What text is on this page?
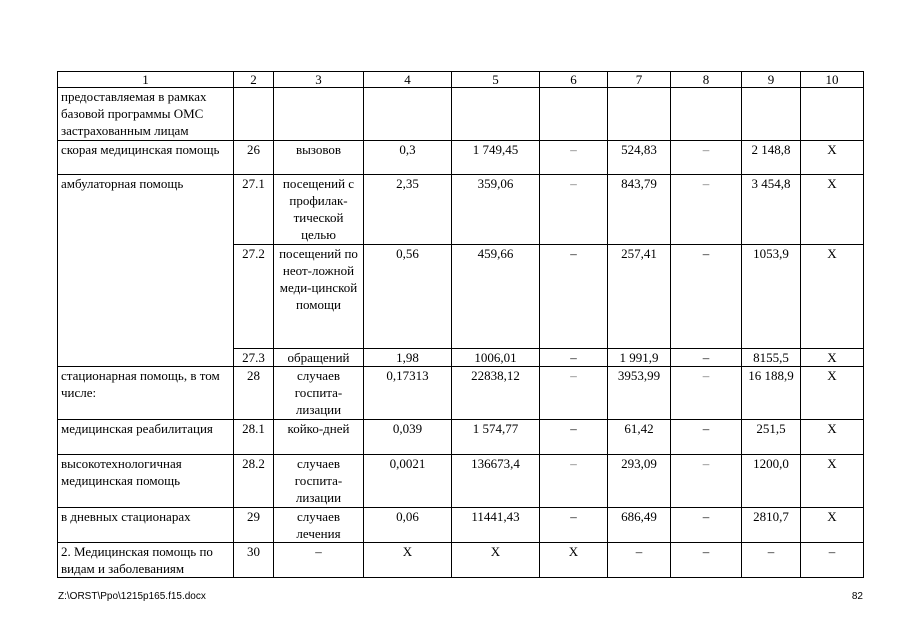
1	2	3	4	5	6	7	8	9	10
предоставляемая в рамках базовой программы ОМС застрахованным лицам									
скорая медицинская помощь	26	вызовов	0,3	1 749,45	–	524,83	–	2 148,8	Х
амбулаторная помощь	27.1	посещений с профилак-тичеcкой целью	2,35	359,06	–	843,79	–	3 454,8	Х
	27.2	посещений по неот-ложной меди-цинской помощи	0,56	459,66	–	257,41	–	1053,9	Х
	27.3	обращений	1,98	1006,01	–	1 991,9	–	8155,5	Х
стационарная помощь, в том числе:	28	случаев госпита-лизации	0,17313	22838,12	–	3953,99	–	16 188,9	Х
медицинская реабилитация	28.1	койко-дней	0,039	1 574,77	–	61,42	–	251,5	Х
высокотехнологичная медицинская помощь	28.2	случаев госпита-лизации	0,0021	136673,4	–	293,09	–	1200,0	Х
в дневных стационарах	29	случаев лечения	0,06	11441,43	–	686,49	–	2810,7	Х
2. Медицинская помощь по видам и заболеваниям	30	–	Х	Х	Х	–	–	–	–
Z:\ORST\Ppo\1215p165.f15.docx	82
